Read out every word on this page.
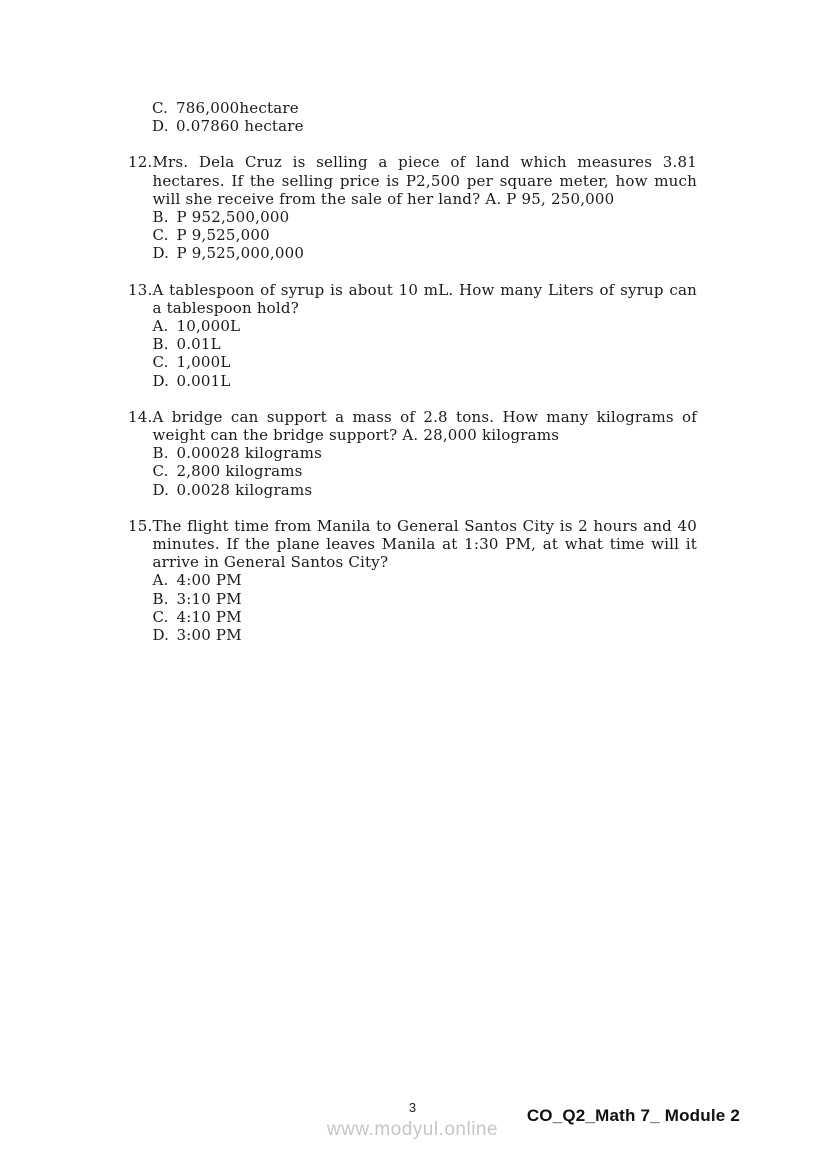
C. 786,000hectare
D. 0.07860 hectare
12. Mrs. Dela Cruz is selling a piece of land which measures 3.81 hectares. If the selling price is P2,500 per square meter, how much will she receive from the sale of her land? A. P 95, 250,000

B. P 952,500,000
C. P 9,525,000
D. P 9,525,000,000
13. A tablespoon of syrup is about 10 mL. How many Liters of syrup can a tablespoon hold?

A. 10,000L
B. 0.01L
C. 1,000L
D. 0.001L
14. A bridge can support a mass of 2.8 tons. How many kilograms of weight can the bridge support? A. 28,000 kilograms

B. 0.00028 kilograms
C. 2,800 kilograms
D. 0.0028 kilograms
15. The flight time from Manila to General Santos City is 2 hours and 40 minutes. If the plane leaves Manila at 1:30 PM, at what time will it arrive in General Santos City?

A. 4:00 PM
B. 3:10 PM
C. 4:10 PM
D. 3:00 PM
3
www.modyul.online
CO_Q2_Math 7_ Module 2
